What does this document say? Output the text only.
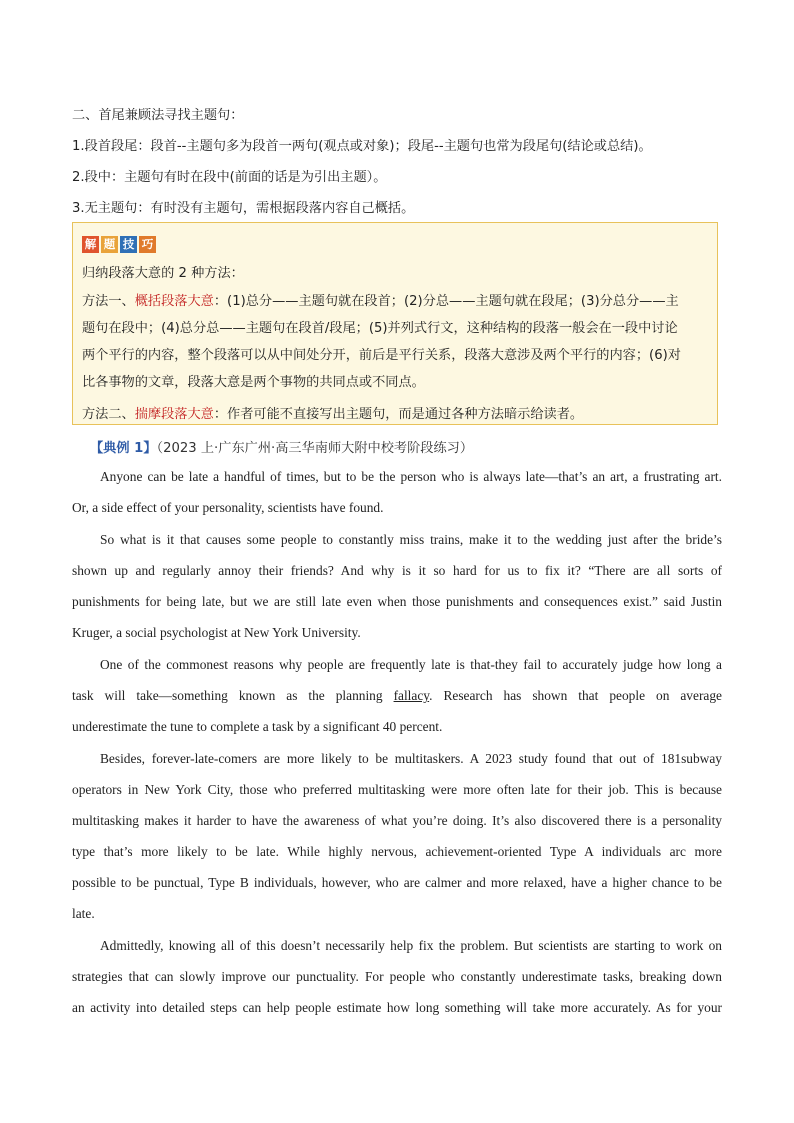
二、首尾兼顾法寻找主题句：
1.段首段尾：段首--主题句多为段首一两句(观点或对象)；段尾--主题句也常为段尾句(结论或总结)。
2.段中：主题句有时在段中(前面的话是为引出主题）。
3.无主题句：有时没有主题句，需根据段落内容自己概括。
解 题 技 巧
归纳段落大意的 2 种方法：
方法一、概括段落大意：(1)总分——主题句就在段首；(2)分总——主题句就在段尾；(3)分总分——主
题句在段中；(4)总分总——主题句在段首/段尾；(5)并列式行文，这种结构的段落一般会在一段中讨论
两个平行的内容，整个段落可以从中间处分开，前后是平行关系，段落大意涉及两个平行的内容；(6)对
比各事物的文章，段落大意是两个事物的共同点或不同点。
方法二、揣摩段落大意：作者可能不直接写出主题句，而是通过各种方法暗示给读者。
【典例 1】（2023 上·广东广州·高三华南师大附中校考阶段练习）
Anyone can be late a handful of times, but to be the person who is always late—that’s an art, a frustrating art.
Or, a side effect of your personality, scientists have found.
So what is it that causes some people to constantly miss trains, make it to the wedding just after the bride’s
shown up and regularly annoy their friends? And why is it so hard for us to fix it? “There are all sorts of
punishments for being late, but we are still late even when those punishments and consequences exist.” said Justin
Kruger, a social psychologist at New York University.
One of the commonest reasons why people are frequently late is that-they fail to accurately judge how long a
task will take—something known as the planning fallacy. Research has shown that people on average
underestimate the tune to complete a task by a significant 40 percent.
Besides, forever-late-comers are more likely to be multitaskers. A 2023 study found that out of 181subway
operators in New York City, those who preferred multitasking were more often late for their job. This is because
multitasking makes it harder to have the awareness of what you’re doing. It’s also discovered there is a personality
type that’s more likely to be late. While highly nervous, achievement-oriented Type A individuals arc more
possible to be punctual, Type B individuals, however, who are calmer and more relaxed, have a higher chance to be
late.
Admittedly, knowing all of this doesn’t necessarily help fix the problem. But scientists are starting to work on
strategies that can slowly improve our punctuality. For people who constantly underestimate tasks, breaking down
an activity into detailed steps can help people estimate how long something will take more accurately. As for your
